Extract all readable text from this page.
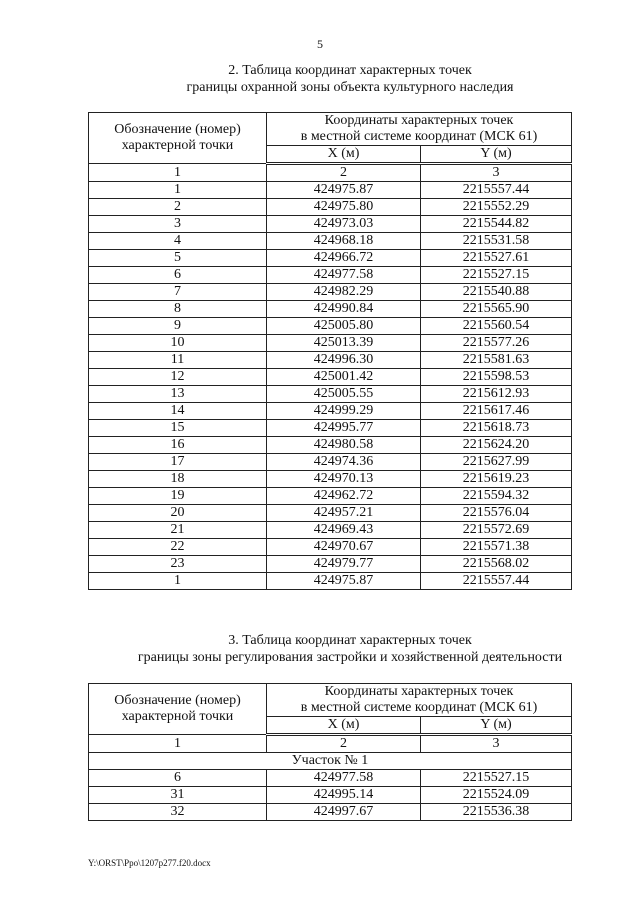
5
2. Таблица координат характерных точек
границы охранной зоны объекта культурного наследия
Обозначение (номер)
характерной точки	Координаты характерных точек
в местной системе координат (МСК 61)	

	X (м)	Y (м)
1	2	3
1	424975.87	2215557.44
2	424975.80	2215552.29
3	424973.03	2215544.82
4	424968.18	2215531.58
5	424966.72	2215527.61
6	424977.58	2215527.15
7	424982.29	2215540.88
8	424990.84	2215565.90
9	425005.80	2215560.54
10	425013.39	2215577.26
11	424996.30	2215581.63
12	425001.42	2215598.53
13	425005.55	2215612.93
14	424999.29	2215617.46
15	424995.77	2215618.73
16	424980.58	2215624.20
17	424974.36	2215627.99
18	424970.13	2215619.23
19	424962.72	2215594.32
20	424957.21	2215576.04
21	424969.43	2215572.69
22	424970.67	2215571.38
23	424979.77	2215568.02
1	424975.87	2215557.44
3. Таблица координат характерных точек
границы зоны регулирования застройки и хозяйственной деятельности
Обозначение (номер)
характерной точки	Координаты характерных точек
в местной системе координат (МСК 61)	

	X (м)	Y (м)
1	2	3
Участок № 1		
6	424977.58	2215527.15
31	424995.14	2215524.09
32	424997.67	2215536.38
Y:\ORST\Ppo\1207p277.f20.docx
